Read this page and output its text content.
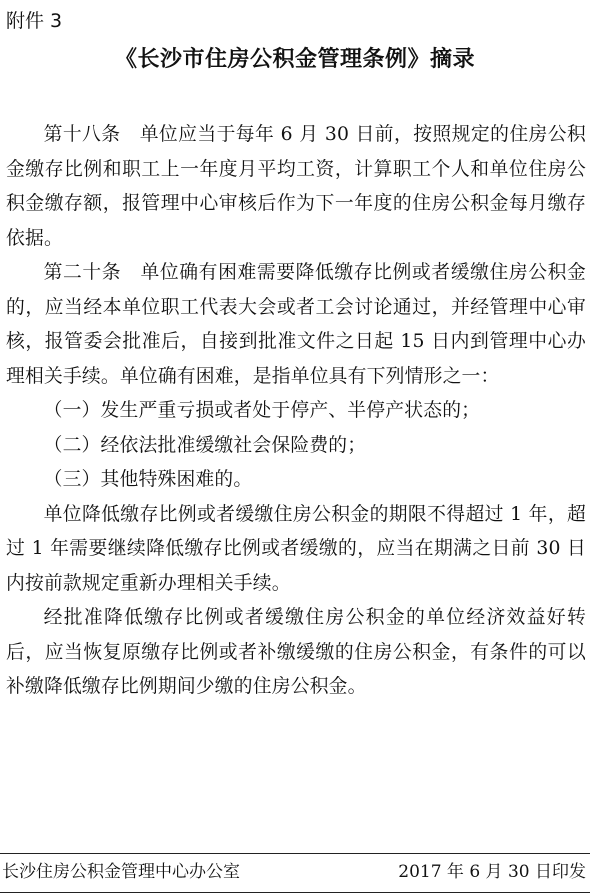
附件 3
《长沙市住房公积金管理条例》摘录

第十八条　单位应当于每年 6 月 30 日前，按照规定的住房公积金缴存比例和职工上一年度月平均工资，计算职工个人和单位住房公积金缴存额，报管理中心审核后作为下一年度的住房公积金每月缴存依据。

第二十条　单位确有困难需要降低缴存比例或者缓缴住房公积金的，应当经本单位职工代表大会或者工会讨论通过，并经管理中心审核，报管委会批准后，自接到批准文件之日起 15 日内到管理中心办理相关手续。单位确有困难，是指单位具有下列情形之一：

（一）发生严重亏损或者处于停产、半停产状态的；

（二）经依法批准缓缴社会保险费的；

（三）其他特殊困难的。

单位降低缴存比例或者缓缴住房公积金的期限不得超过 1 年，超过 1 年需要继续降低缴存比例或者缓缴的，应当在期满之日前 30 日内按前款规定重新办理相关手续。

经批准降低缴存比例或者缓缴住房公积金的单位经济效益好转后，应当恢复原缴存比例或者补缴缓缴的住房公积金，有条件的可以补缴降低缴存比例期间少缴的住房公积金。

长沙住房公积金管理中心办公室	2017 年 6 月 30 日印发
